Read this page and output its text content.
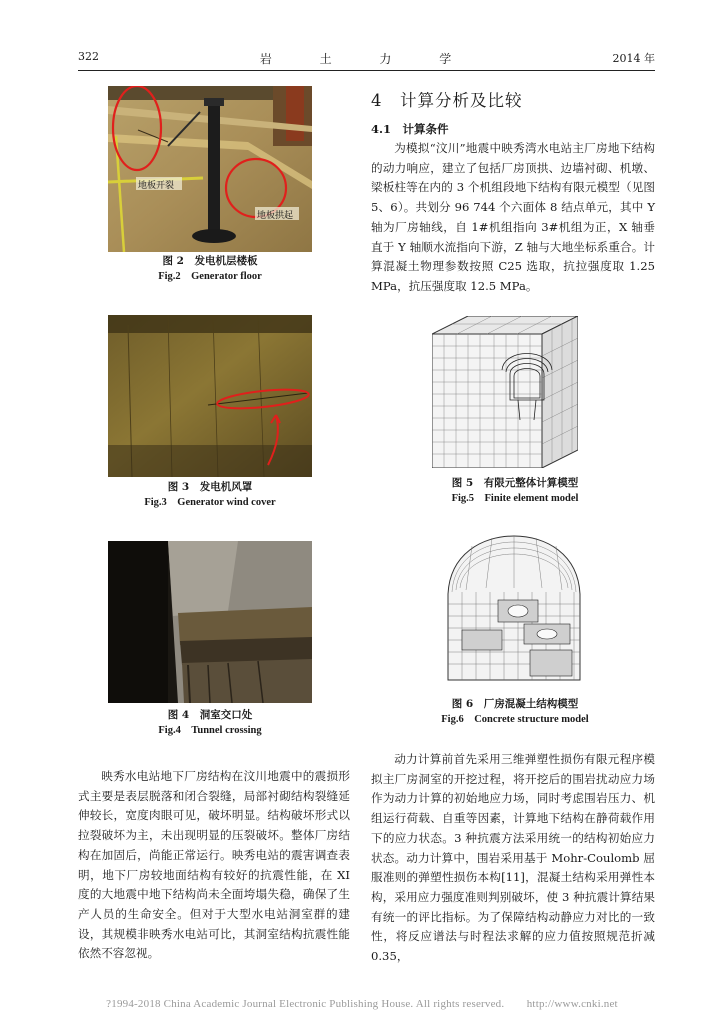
322	岩 土 力 学	2014 年
地板开裂
地板拱起
图 2　发电机层楼板
Fig.2　Generator floor
图 3　发电机风罩
Fig.3　Generator wind cover
图 4　洞室交口处
Fig.4　Tunnel crossing

映秀水电站地下厂房结构在汶川地震中的震损形式主要是表层脱落和闭合裂缝，局部衬砌结构裂缝延伸较长，宽度肉眼可见，破坏明显。结构破坏形式以拉裂破坏为主，未出现明显的压裂破坏。整体厂房结构在加固后，尚能正常运行。映秀电站的震害调查表明，地下厂房较地面结构有较好的抗震性能，在 XI 度的大地震中地下结构尚未全面垮塌失稳，确保了生产人员的生命安全。但对于大型水电站洞室群的建设，其规模非映秀水电站可比，其洞室结构抗震性能依然不容忽视。

4　计算分析及比较
4.1　计算条件

为模拟“汶川”地震中映秀湾水电站主厂房地下结构的动力响应，建立了包括厂房顶拱、边墙衬砌、机墩、梁板柱等在内的 3 个机组段地下结构有限元模型（见图 5、6）。共划分 96 744 个六面体 8 结点单元，其中 Y 轴为厂房轴线，自 1#机组指向 3#机组为正，X 轴垂直于 Y 轴顺水流指向下游，Z 轴与大地坐标系重合。计算混凝土物理参数按照 C25 选取，抗拉强度取 1.25 MPa，抗压强度取 12.5 MPa。

图 5　有限元整体计算模型
Fig.5　Finite element model
图 6　厂房混凝土结构模型
Fig.6　Concrete structure model

动力计算前首先采用三维弹塑性损伤有限元程序模拟主厂房洞室的开挖过程，将开挖后的围岩扰动应力场作为动力计算的初始地应力场，同时考虑围岩压力、机组运行荷载、自重等因素，计算地下结构在静荷载作用下的应力状态。3 种抗震方法采用统一的结构初始应力状态。动力计算中，围岩采用基于 Mohr-Coulomb 屈服准则的弹塑性损伤本构[11]，混凝土结构采用弹性本构，采用应力强度准则判别破坏，使 3 种抗震计算结果有统一的评比指标。为了保障结构动静应力对比的一致性，将反应谱法与时程法求解的应力值按照规范折减 0.35，

?1994-2018 China Academic Journal Electronic Publishing House. All rights reserved.　　http://www.cnki.net
